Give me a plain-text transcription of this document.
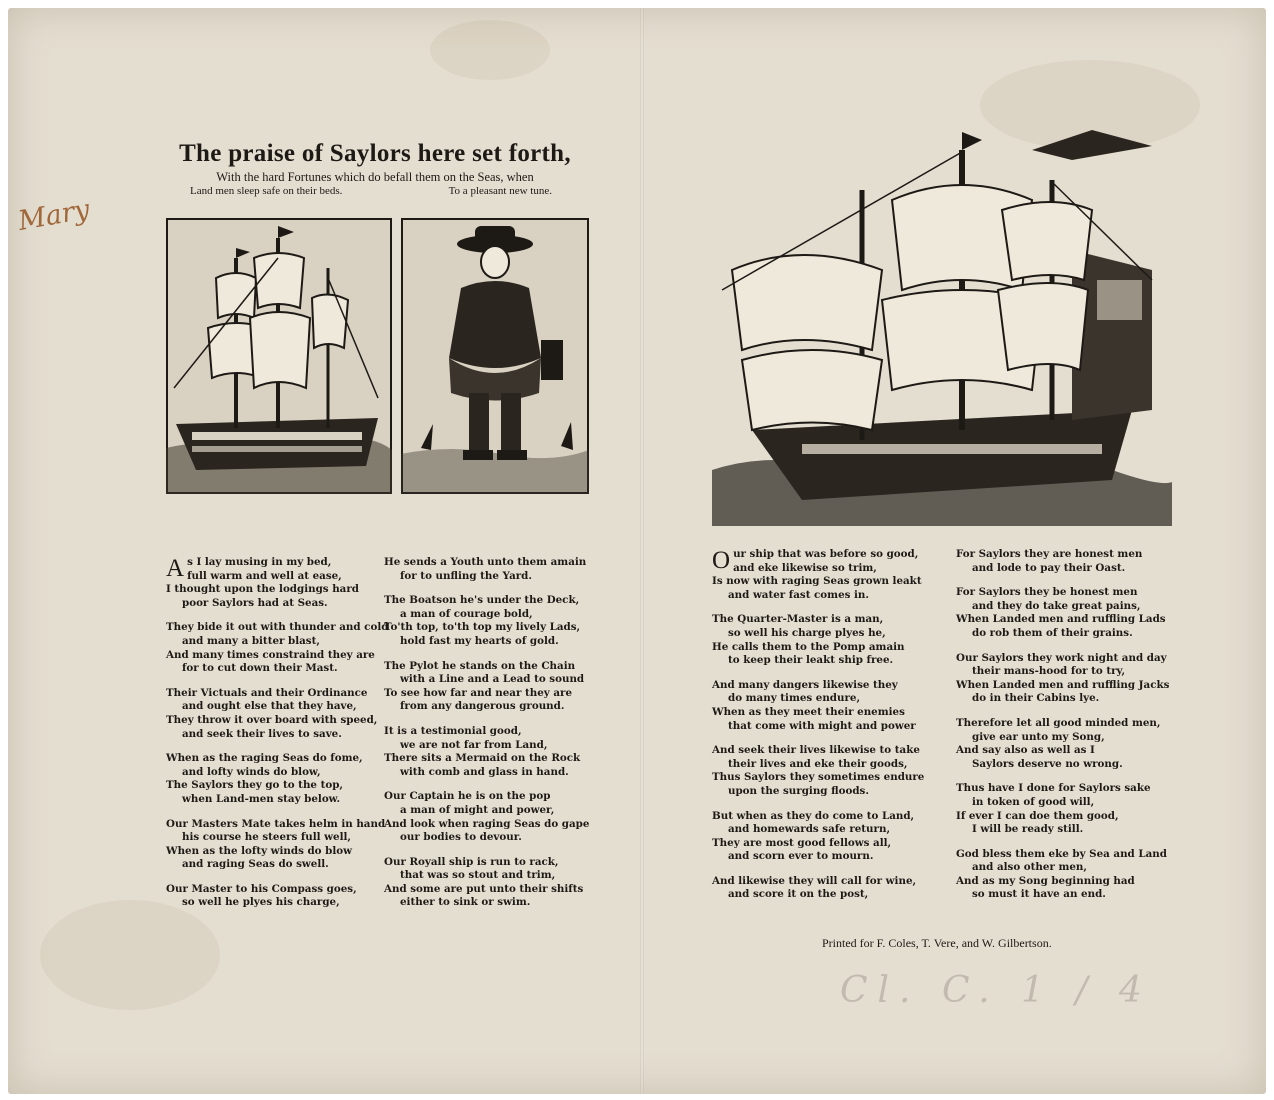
Mary
The praise of Saylors here set forth,
With the hard Fortunes which do befall them on the Seas, when
Land men sleep safe on their beds.	To a pleasant new tune.
A s I lay musing in my bed,
full warm and well at ease,
I thought upon the lodgings hard
poor Saylors had at Seas.
They bide it out with thunder and cold
and many a bitter blast,
And many times constraind they are
for to cut down their Mast.
Their Victuals and their Ordinance
and ought else that they have,
They throw it over board with speed,
and seek their lives to save.
When as the raging Seas do fome,
and lofty winds do blow,
The Saylors they go to the top,
when Land-men stay below.
Our Masters Mate takes helm in hand
his course he steers full well,
When as the lofty winds do blow
and raging Seas do swell.
Our Master to his Compass goes,
so well he plyes his charge,
He sends a Youth unto them amain
for to unfling the Yard.
The Boatson he's under the Deck,
a man of courage bold,
To'th top, to'th top my lively Lads,
hold fast my hearts of gold.
The Pylot he stands on the Chain
with a Line and a Lead to sound
To see how far and near they are
from any dangerous ground.
It is a testimonial good,
we are not far from Land,
There sits a Mermaid on the Rock
with comb and glass in hand.
Our Captain he is on the pop
a man of might and power,
And look when raging Seas do gape
our bodies to devour.
Our Royall ship is run to rack,
that was so stout and trim,
And some are put unto their shifts
either to sink or swim.
O ur ship that was before so good,
and eke likewise so trim,
Is now with raging Seas grown leakt
and water fast comes in.
The Quarter-Master is a man,
so well his charge plyes he,
He calls them to the Pomp amain
to keep their leakt ship free.
And many dangers likewise they
do many times endure,
When as they meet their enemies
that come with might and power
And seek their lives likewise to take
their lives and eke their goods,
Thus Saylors they sometimes endure
upon the surging floods.
But when as they do come to Land,
and homewards safe return,
They are most good fellows all,
and scorn ever to mourn.
And likewise they will call for wine,
and score it on the post,
For Saylors they are honest men
and lode to pay their Oast.
For Saylors they be honest men
and they do take great pains,
When Landed men and ruffling Lads
do rob them of their grains.
Our Saylors they work night and day
their mans-hood for to try,
When Landed men and ruffling Jacks
do in their Cabins lye.
Therefore let all good minded men,
give ear unto my Song,
And say also as well as I
Saylors deserve no wrong.
Thus have I done for Saylors sake
in token of good will,
If ever I can doe them good,
I will be ready still.
God bless them eke by Sea and Land
and also other men,
And as my Song beginning had
so must it have an end.
Printed for F. Coles, T. Vere, and W. Gilbertson.
Cl. C. 1 / 4
